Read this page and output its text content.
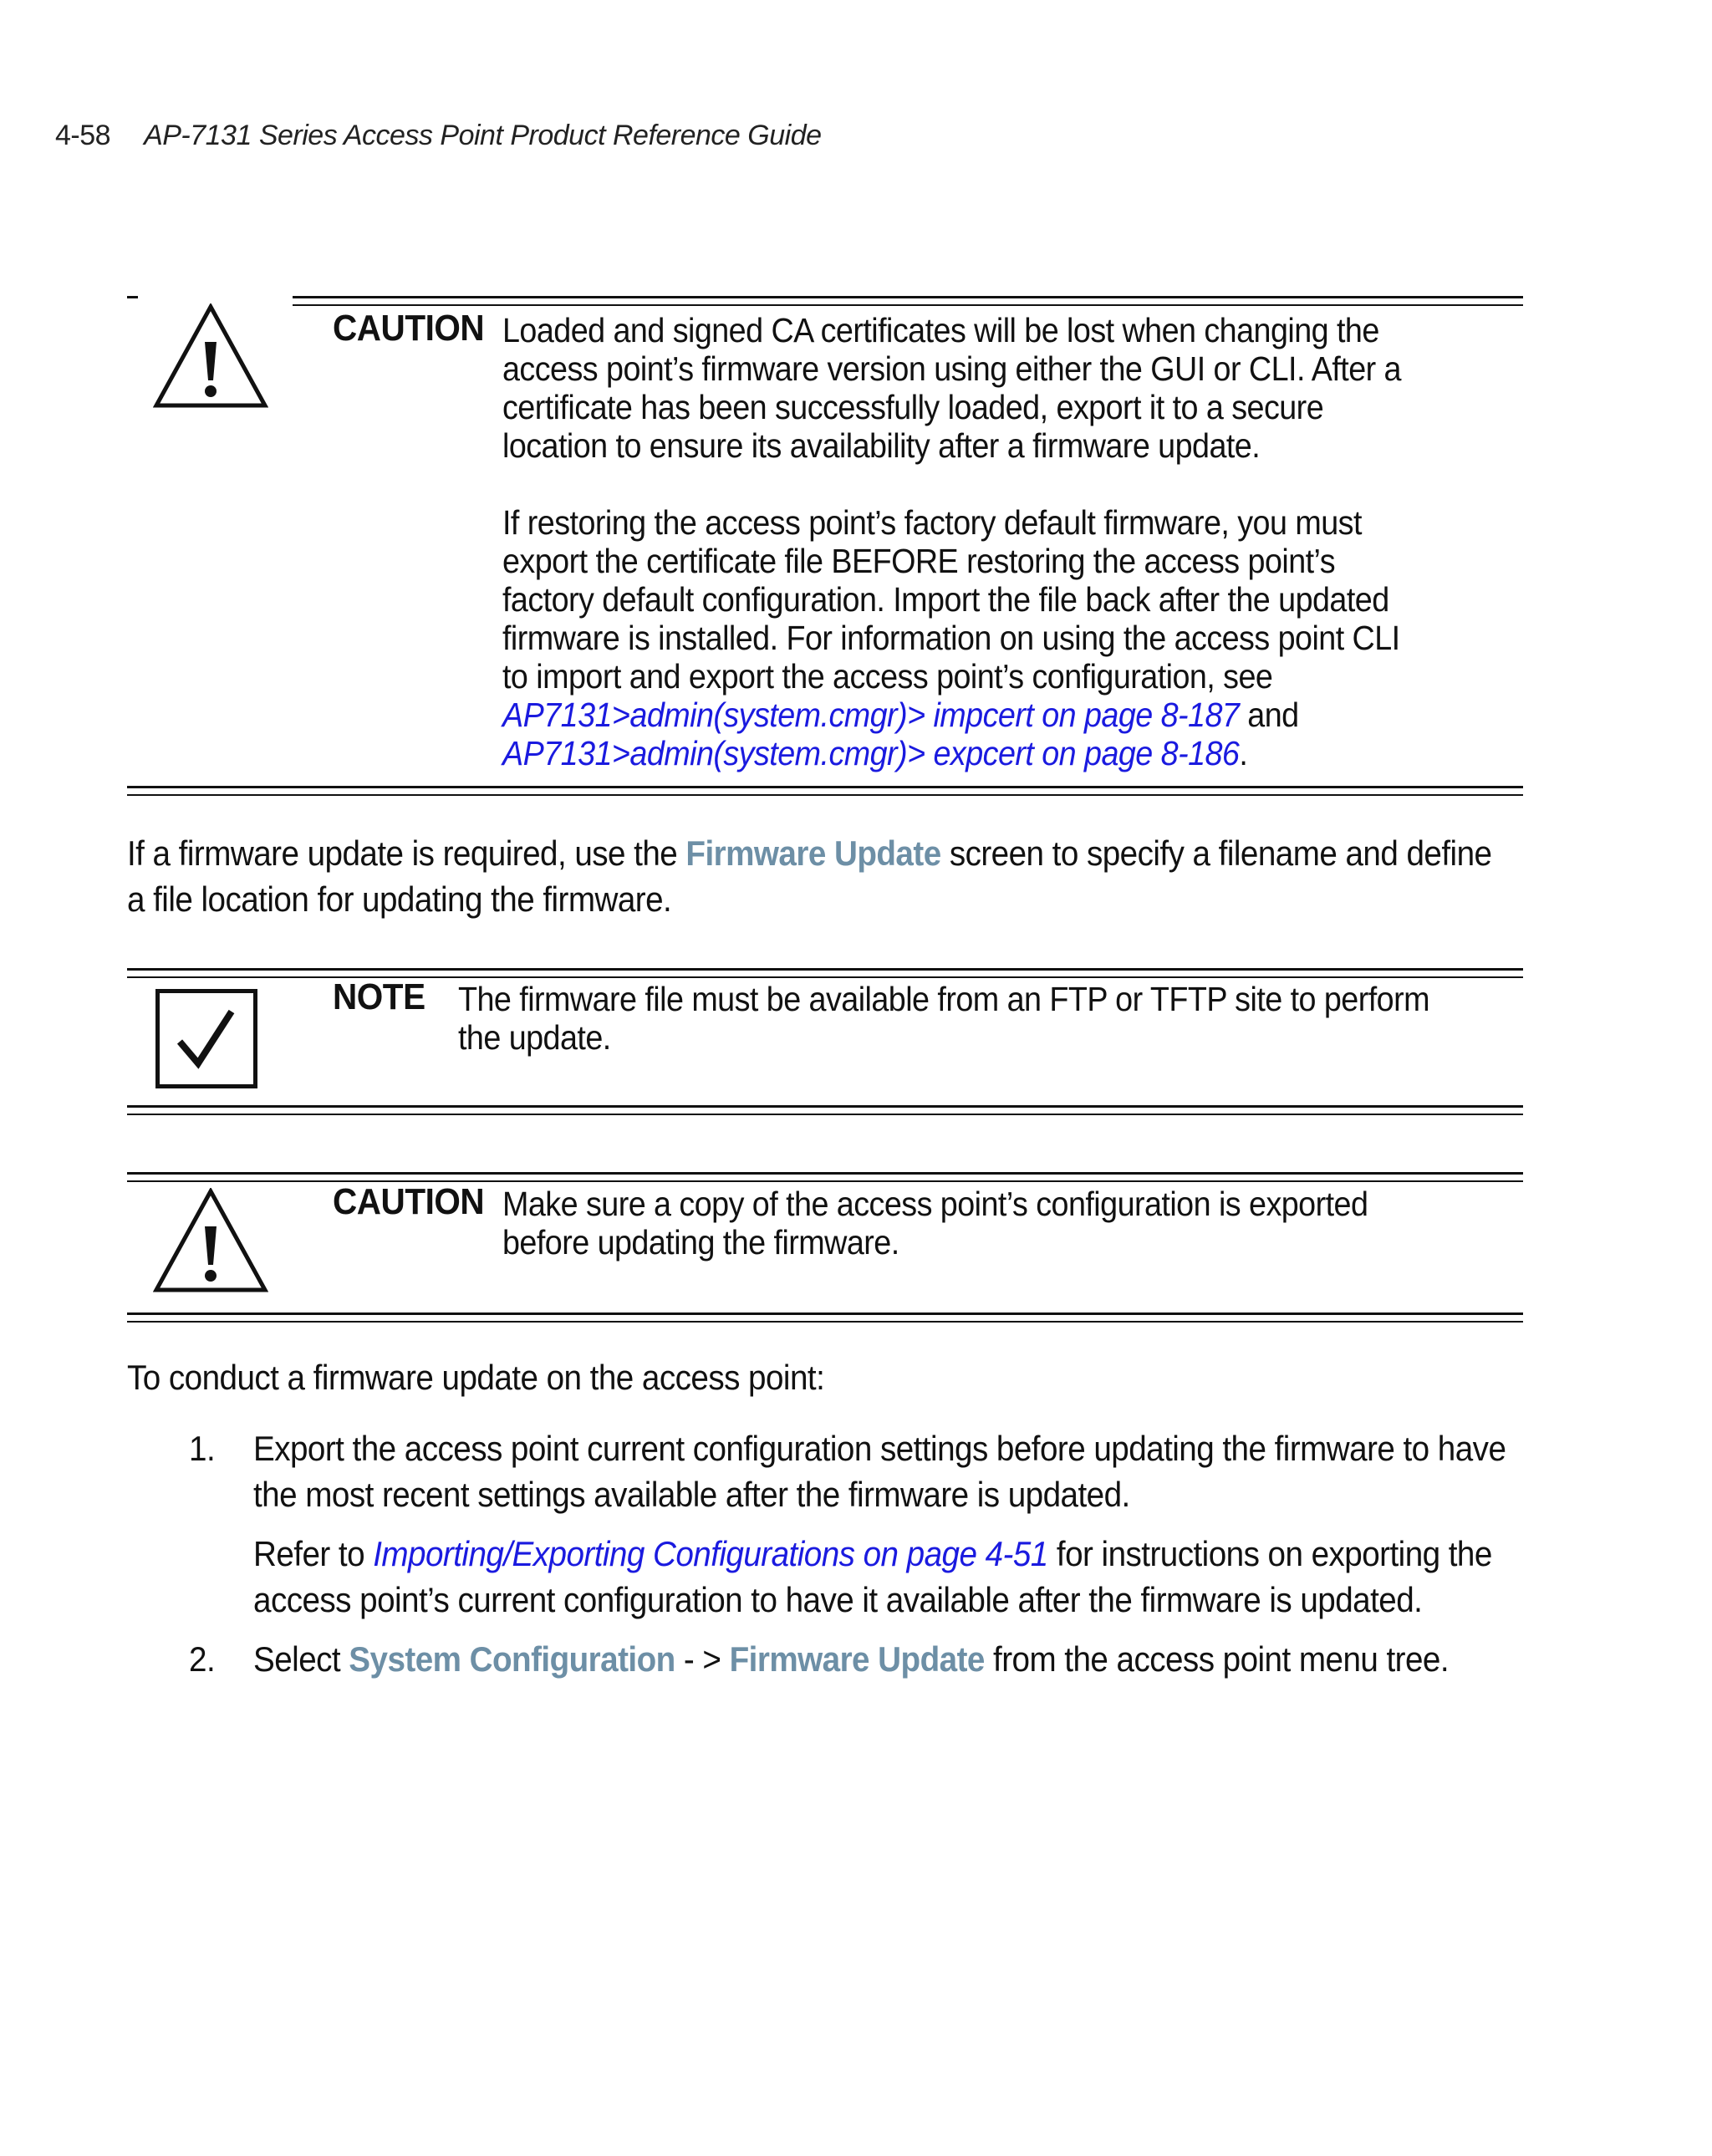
4-58 AP-7131 Series Access Point Product Reference Guide
CAUTION Loaded and signed CA certificates will be lost when changing the access point’s firmware version using either the GUI or CLI. After a certificate has been successfully loaded, export it to a secure location to ensure its availability after a firmware update.

If restoring the access point’s factory default firmware, you must export the certificate file BEFORE restoring the access point’s factory default configuration. Import the file back after the updated firmware is installed. For information on using the access point CLI to import and export the access point’s configuration, see
AP7131>admin(system.cmgr)> impcert on page 8-187 and
AP7131>admin(system.cmgr)> expcert on page 8-186.

If a firmware update is required, use the Firmware Update screen to specify a filename and define a file location for updating the firmware.

NOTE The firmware file must be available from an FTP or TFTP site to perform the update.
CAUTION Make sure a copy of the access point’s configuration is exported before updating the firmware.
To conduct a firmware update on the access point:
1. Export the access point current configuration settings before updating the firmware to have the most recent settings available after the firmware is updated.

Refer to Importing/Exporting Configurations on page 4-51 for instructions on exporting the access point’s current configuration to have it available after the firmware is updated.

2. Select System Configuration - > Firmware Update from the access point menu tree.
